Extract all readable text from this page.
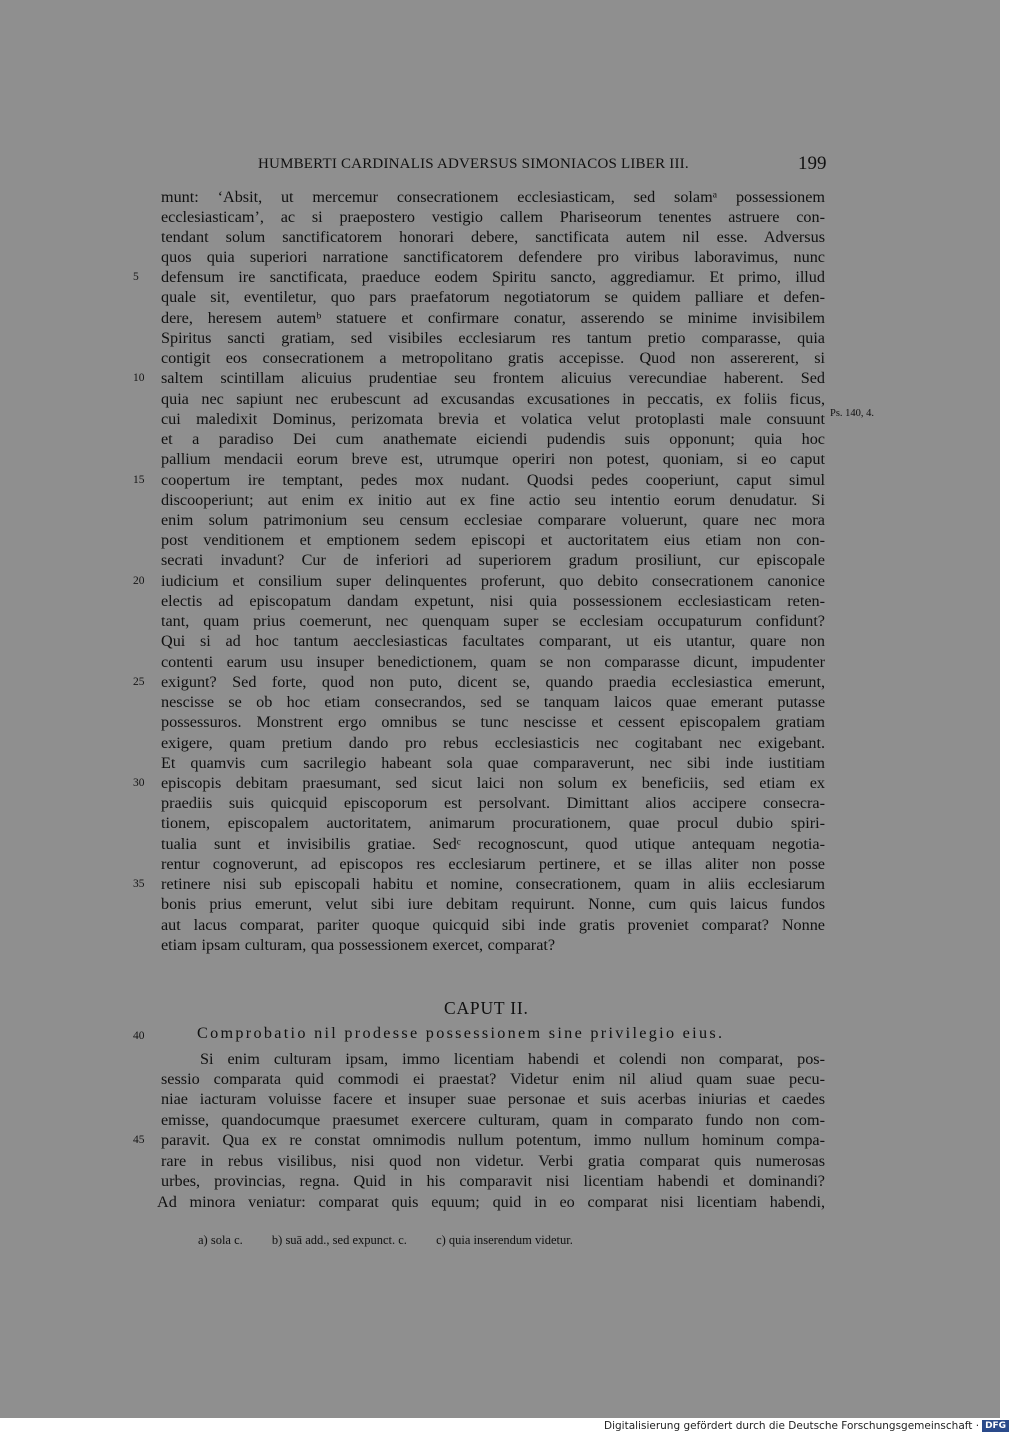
HUMBERTI CARDINALIS ADVERSUS SIMONIACOS LIBER III.	199
munt: ‘Absit, ut mercemur consecrationem ecclesiasticam, sed solamᵃ possessionem
ecclesiasticam’, ac si praepostero vestigio callem Phariseorum tenentes astruere con-
tendant solum sanctificatorem honorari debere, sanctificata autem nil esse. Adversus
quos quia superiori narratione sanctificatorem defendere pro viribus laboravimus, nunc
defensum ire sanctificata, praeduce eodem Spiritu sancto, aggrediamur. Et primo, illud
quale sit, eventiletur, quo pars praefatorum negotiatorum se quidem palliare et defen-
dere, heresem autemᵇ statuere et confirmare conatur, asserendo se minime invisibilem
Spiritus sancti gratiam, sed visibiles ecclesiarum res tantum pretio comparasse, quia
contigit eos consecrationem a metropolitano gratis accepisse. Quod non assererent, si
saltem scintillam alicuius prudentiae seu frontem alicuius verecundiae haberent. Sed
quia nec sapiunt nec erubescunt ad excusandas excusationes in peccatis, ex foliis ficus,
cui maledixit Dominus, perizomata brevia et volatica velut protoplasti male consuunt
et a paradiso Dei cum anathemate eiciendi pudendis suis opponunt; quia hoc
pallium mendacii eorum breve est, utrumque operiri non potest, quoniam, si eo caput
coopertum ire temptant, pedes mox nudant. Quodsi pedes cooperiunt, caput simul
discooperiunt; aut enim ex initio aut ex fine actio seu intentio eorum denudatur. Si
enim solum patrimonium seu censum ecclesiae comparare voluerunt, quare nec mora
post venditionem et emptionem sedem episcopi et auctoritatem eius etiam non con-
secrati invadunt? Cur de inferiori ad superiorem gradum prosiliunt, cur episcopale
iudicium et consilium super delinquentes proferunt, quo debito consecrationem canonice
electis ad episcopatum dandam expetunt, nisi quia possessionem ecclesiasticam reten-
tant, quam prius coemerunt, nec quenquam super se ecclesiam occupaturum confidunt?
Qui si ad hoc tantum aecclesiasticas facultates comparant, ut eis utantur, quare non
contenti earum usu insuper benedictionem, quam se non comparasse dicunt, impudenter
exigunt? Sed forte, quod non puto, dicent se, quando praedia ecclesiastica emerunt,
nescisse se ob hoc etiam consecrandos, sed se tanquam laicos quae emerant putasse
possessuros. Monstrent ergo omnibus se tunc nescisse et cessent episcopalem gratiam
exigere, quam pretium dando pro rebus ecclesiasticis nec cogitabant nec exigebant.
Et quamvis cum sacrilegio habeant sola quae comparaverunt, nec sibi inde iustitiam
episcopis debitam praesumant, sed sicut laici non solum ex beneficiis, sed etiam ex
praediis suis quicquid episcoporum est persolvant. Dimittant alios accipere consecra-
tionem, episcopalem auctoritatem, animarum procurationem, quae procul dubio spiri-
tualia sunt et invisibilis gratiae. Sedᶜ recognoscunt, quod utique antequam negotia-
rentur cognoverunt, ad episcopos res ecclesiarum pertinere, et se illas aliter non posse
retinere nisi sub episcopali habitu et nomine, consecrationem, quam in aliis ecclesiarum
bonis prius emerunt, velut sibi iure debitam requirunt. Nonne, cum quis laicus fundos
aut lacus comparat, pariter quoque quicquid sibi inde gratis proveniet comparat? Nonne
etiam ipsam culturam, qua possessionem exercet, comparat?
5
10
15
20
25
30
35
Ps. 140, 4.
CAPUT II.
40	Comprobatio nil prodesse possessionem sine privilegio eius.
Si enim culturam ipsam, immo licentiam habendi et colendi non comparat, pos-
sessio comparata quid commodi ei praestat? Videtur enim nil aliud quam suae pecu-
niae iacturam voluisse facere et insuper suae personae et suis acerbas iniurias et caedes
emisse, quandocumque praesumet exercere culturam, quam in comparato fundo non com-
paravit. Qua ex re constat omnimodis nullum potentum, immo nullum hominum compa-
rare in rebus visilibus, nisi quod non videtur. Verbi gratia comparat quis numerosas
urbes, provincias, regna. Quid in his comparavit nisi licentiam habendi et dominandi?
Ad minora veniatur: comparat quis equum; quid in eo comparat nisi licentiam habendi,
45
a) sola c. b) suā add., sed expunct. c. c) quia inserendum videtur.
Digitalisierung gefördert durch die Deutsche Forschungsgemeinschaft · DFG
